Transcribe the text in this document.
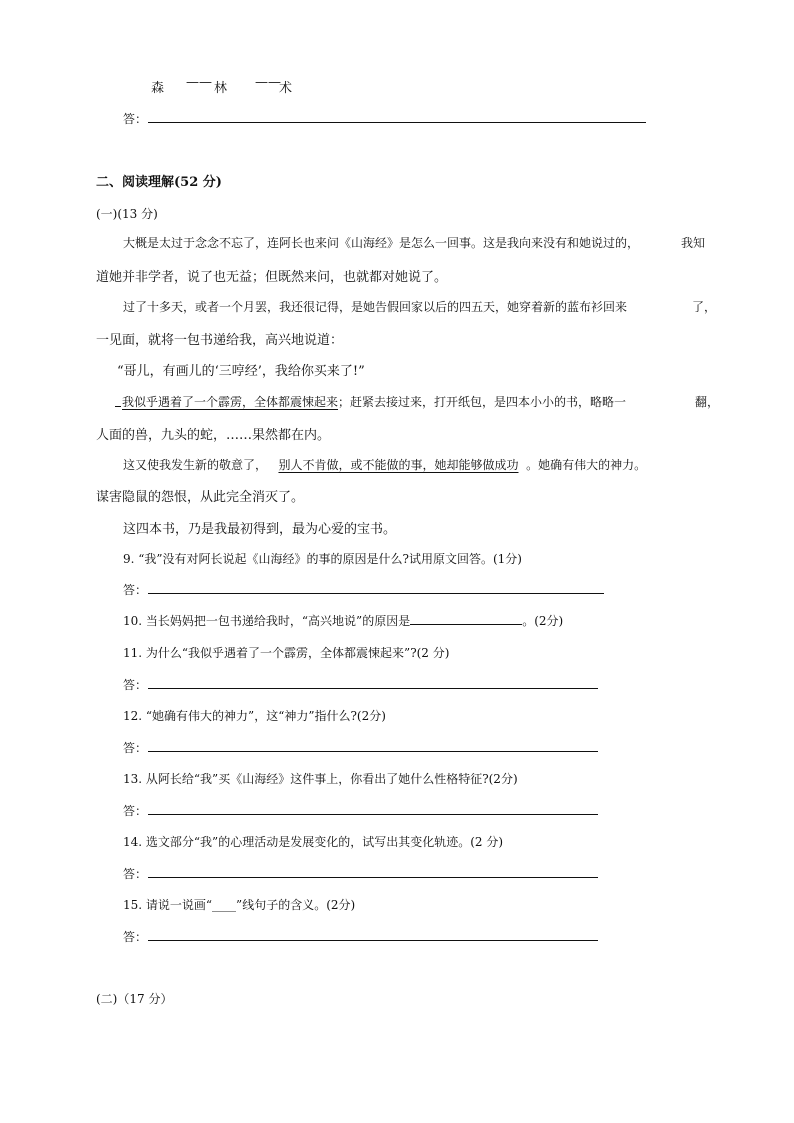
森 —— 林 ——
术
答：
二、阅读理解(52 分)
(一)(13 分)
大概是太过于念念不忘了，连阿长也来问《山海经》是怎么一回事。这是我向来没有和她说过的，	我知
道她并非学者，说了也无益；但既然来问，也就都对她说了。
过了十多天，或者一个月罢，我还很记得，是她告假回家以后的四五天，她穿着新的蓝布衫回来	了，
一见面，就将一包书递给我，高兴地说道：
“哥儿，有画儿的‘三哼经’，我给你买来了!”
我似乎遇着了一个霹雳，全体都震悚起来；赶紧去接过来，打开纸包，是四本小小的书，略略一	翻，
人面的兽，九头的蛇，……果然都在内。
这又使我发生新的敬意了， 别人不肯做，或不能做的事，她却能够做成功 。她确有伟大的神力。
谋害隐鼠的怨恨，从此完全消灭了。
这四本书，乃是我最初得到，最为心爱的宝书。
9. “我”没有对阿长说起《山海经》的事的原因是什么?试用原文回答。(1分)
答：
10. 当长妈妈把一包书递给我时，“高兴地说”的原因是	。(2分)
11. 为什么“我似乎遇着了一个霹雳，全体都震悚起来”?(2 分)
答：
12. “她确有伟大的神力”，这“神力”指什么?(2分)
答：
13. 从阿长给“我”买《山海经》这件事上，你看出了她什么性格特征?(2分)
答：
14. 选文部分“我”的心理活动是发展变化的，试写出其变化轨迹。(2 分)
答：
15. 请说一说画“____”线句子的含义。(2分)
答：
(二)（17 分）
